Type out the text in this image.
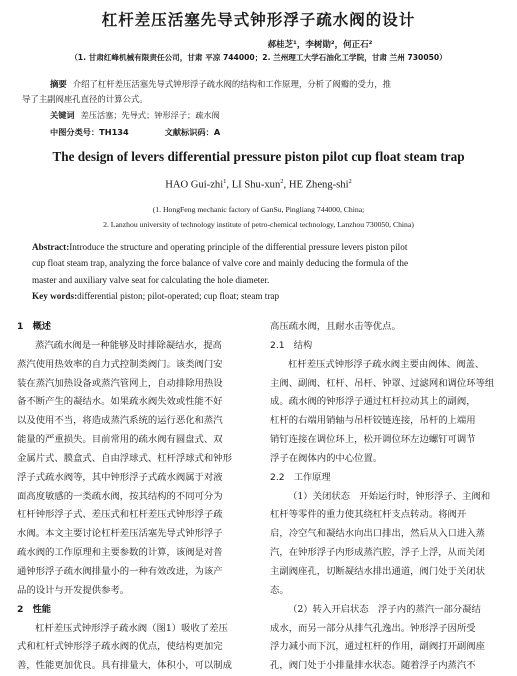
杠杆差压活塞先导式钟形浮子疏水阀的设计
郝桂芝¹，李树勋²，何正石²
（1. 甘肃红峰机械有限责任公司，甘肃 平凉 744000；2. 兰州理工大学石油化工学院，甘肃 兰州 730050）
摘要 介绍了杠杆差压活塞先导式钟形浮子疏水阀的结构和工作原理，分析了阀瓣的受力，推
导了主副阀座孔直径的计算公式。
关键词 差压活塞；先导式；钟形浮子；疏水阀
中图分类号：TH134	文献标识码：A
The design of levers differential pressure piston pilot cup float steam trap
HAO Gui-zhi$^1$, LI Shu-xun$^2$, HE Zheng-shi$^2$
(1. HongFeng mechanic factory of GanSu, Pingliang 744000, China;
2. Lanzhou university of technology institute of petro-chemical technology, Lanzhou 730050, China)
Abstract:Introduce the structure and operating principle of the differential pressure levers piston pilot
cup float steam trap, analyzing the force balance of valve core and mainly deducing the formula of the
master and auxiliary valve seat for calculating the hole diameter.
Key words:differential piston; pilot-operated; cup float; steam trap
1　概述
蒸汽疏水阀是一种能够及时排除凝结水，提高
蒸汽使用热效率的自力式控制类阀门。该类阀门安
装在蒸汽加热设备或蒸汽管网上，自动排除用热设
备不断产生的凝结水。如果疏水阀失效或性能不好
以及使用不当，将造成蒸汽系统的运行恶化和蒸汽
能量的严重损失。目前常用的疏水阀有圆盘式、双
金属片式、膜盒式、自由浮球式、杠杆浮球式和钟形
浮子式疏水阀等，其中钟形浮子式疏水阀属于对液
面高度敏感的一类疏水阀，按其结构的不同可分为
杠杆钟形浮子式、差压式和杠杆差压式钟形浮子疏
水阀。本文主要讨论杠杆差压活塞先导式钟形浮子
疏水阀的工作原理和主要参数的计算，该阀是对普
通钟形浮子疏水阀排量小的一种有效改进，为该产
品的设计与开发提供参考。
2　性能
杠杆差压式钟形浮子疏水阀（图1）吸收了差压
式和杠杆式钟形浮子疏水阀的优点，使结构更加完
善，性能更加优良。具有排量大，体积小，可以制成
高压疏水阀，且耐水击等优点。
2.1　结构
杠杆差压式钟形浮子疏水阀主要由阀体、阀盖、
主阀、副阀、杠杆、吊杆、钟罩、过滤网和调位环等组
成。疏水阀的钟形浮子通过杠杆拉动其上的副阀，
杠杆的右端用销轴与吊杆铰链连接，吊杆的上端用
销钉连接在调位环上，松开调位环左边螺钉可调节
浮子在阀体内的中心位置。
2.2　工作原理
（1）关闭状态　开始运行时，钟形浮子、主阀和
杠杆等零件的重力使其绕杠杆支点转动。将阀开
启，冷空气和凝结水向出口排出，然后从入口进入蒸
汽，在钟形浮子内形成蒸汽腔，浮子上浮，从而关闭
主副阀座孔，切断凝结水排出通道，阀门处于关闭状
态。
（2）转入开启状态　浮子内的蒸汽一部分凝结
成水，而另一部分从排气孔逸出。钟形浮子因所受
浮力减小而下沉，通过杠杆的作用，副阀打开副阀座
孔，阀门处于小排量排水状态。随着浮子内蒸汽不
